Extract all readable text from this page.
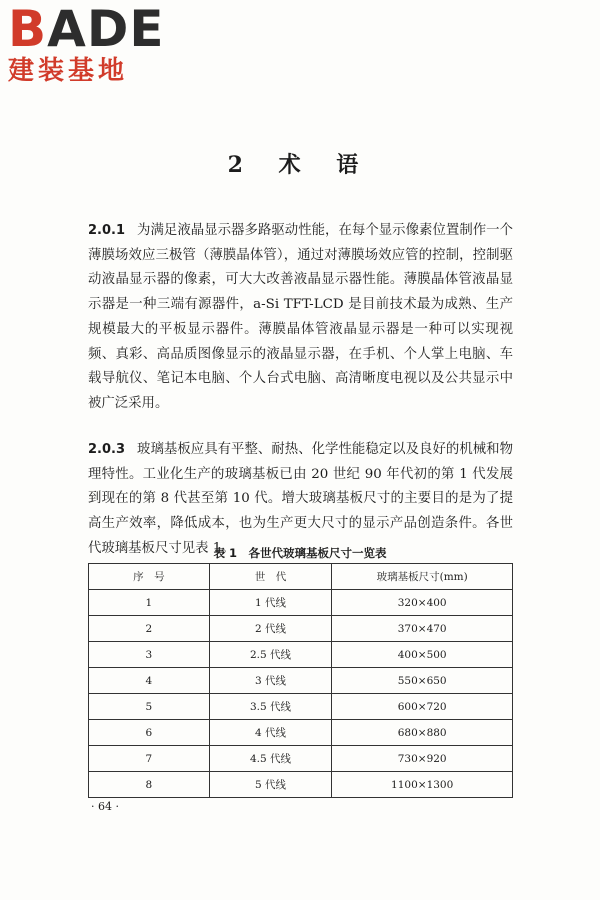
BADE
建装基地
2 术 语
2.0.1 为满足液晶显示器多路驱动性能，在每个显示像素位置制作一个薄膜场效应三极管（薄膜晶体管），通过对薄膜场效应管的控制，控制驱动液晶显示器的像素，可大大改善液晶显示器性能。薄膜晶体管液晶显示器是一种三端有源器件，a-Si TFT-LCD 是目前技术最为成熟、生产规模最大的平板显示器件。薄膜晶体管液晶显示器是一种可以实现视频、真彩、高品质图像显示的液晶显示器，在手机、个人掌上电脑、车载导航仪、笔记本电脑、个人台式电脑、高清晰度电视以及公共显示中被广泛采用。
2.0.3 玻璃基板应具有平整、耐热、化学性能稳定以及良好的机械和物理特性。工业化生产的玻璃基板已由 20 世纪 90 年代初的第 1 代发展到现在的第 8 代甚至第 10 代。增大玻璃基板尺寸的主要目的是为了提高生产效率，降低成本，也为生产更大尺寸的显示产品创造条件。各世代玻璃基板尺寸见表 1。
表 1　各世代玻璃基板尺寸一览表
序　号	世　代	玻璃基板尺寸(mm)
1	1 代线	320×400
2	2 代线	370×470
3	2.5 代线	400×500
4	3 代线	550×650
5	3.5 代线	600×720
6	4 代线	680×880
7	4.5 代线	730×920
8	5 代线	1100×1300
· 64 ·
